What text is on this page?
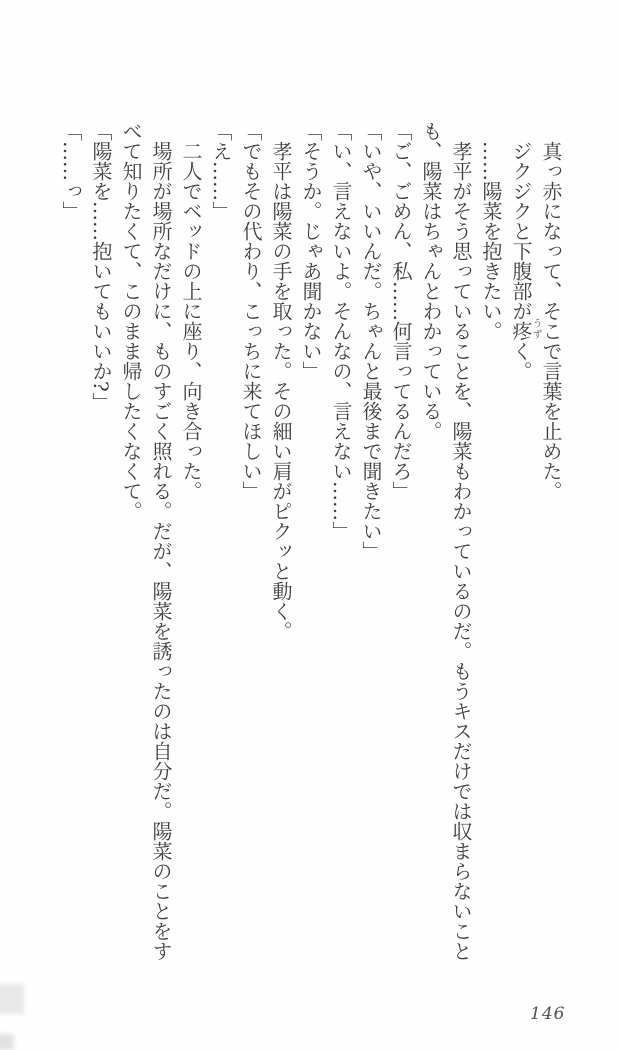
真っ赤になって、そこで言葉を止めた。
ジクジクと下腹部が疼く。
……陽菜を抱きたい。
孝平がそう思っていることを、陽菜もわかっているのだ。もうキスだけでは収まらないこと
も、陽菜はちゃんとわかっている。
「ご、ごめん、私……何言ってるんだろ」
「いや、いいんだ。ちゃんと最後まで聞きたい」
「い、言えないよ。そんなの、言えない……」
「そうか。じゃあ聞かない」
孝平は陽菜の手を取った。その細い肩がピクッと動く。
「でもその代わり、こっちに来てほしい」
「え……」
二人でベッドの上に座り、向き合った。
場所が場所なだけに、ものすごく照れる。だが、陽菜を誘ったのは自分だ。陽菜のことをす
べて知りたくて、このまま帰したくなくて。
「陽菜を……抱いてもいいか?」
「……っ」
うず
146
